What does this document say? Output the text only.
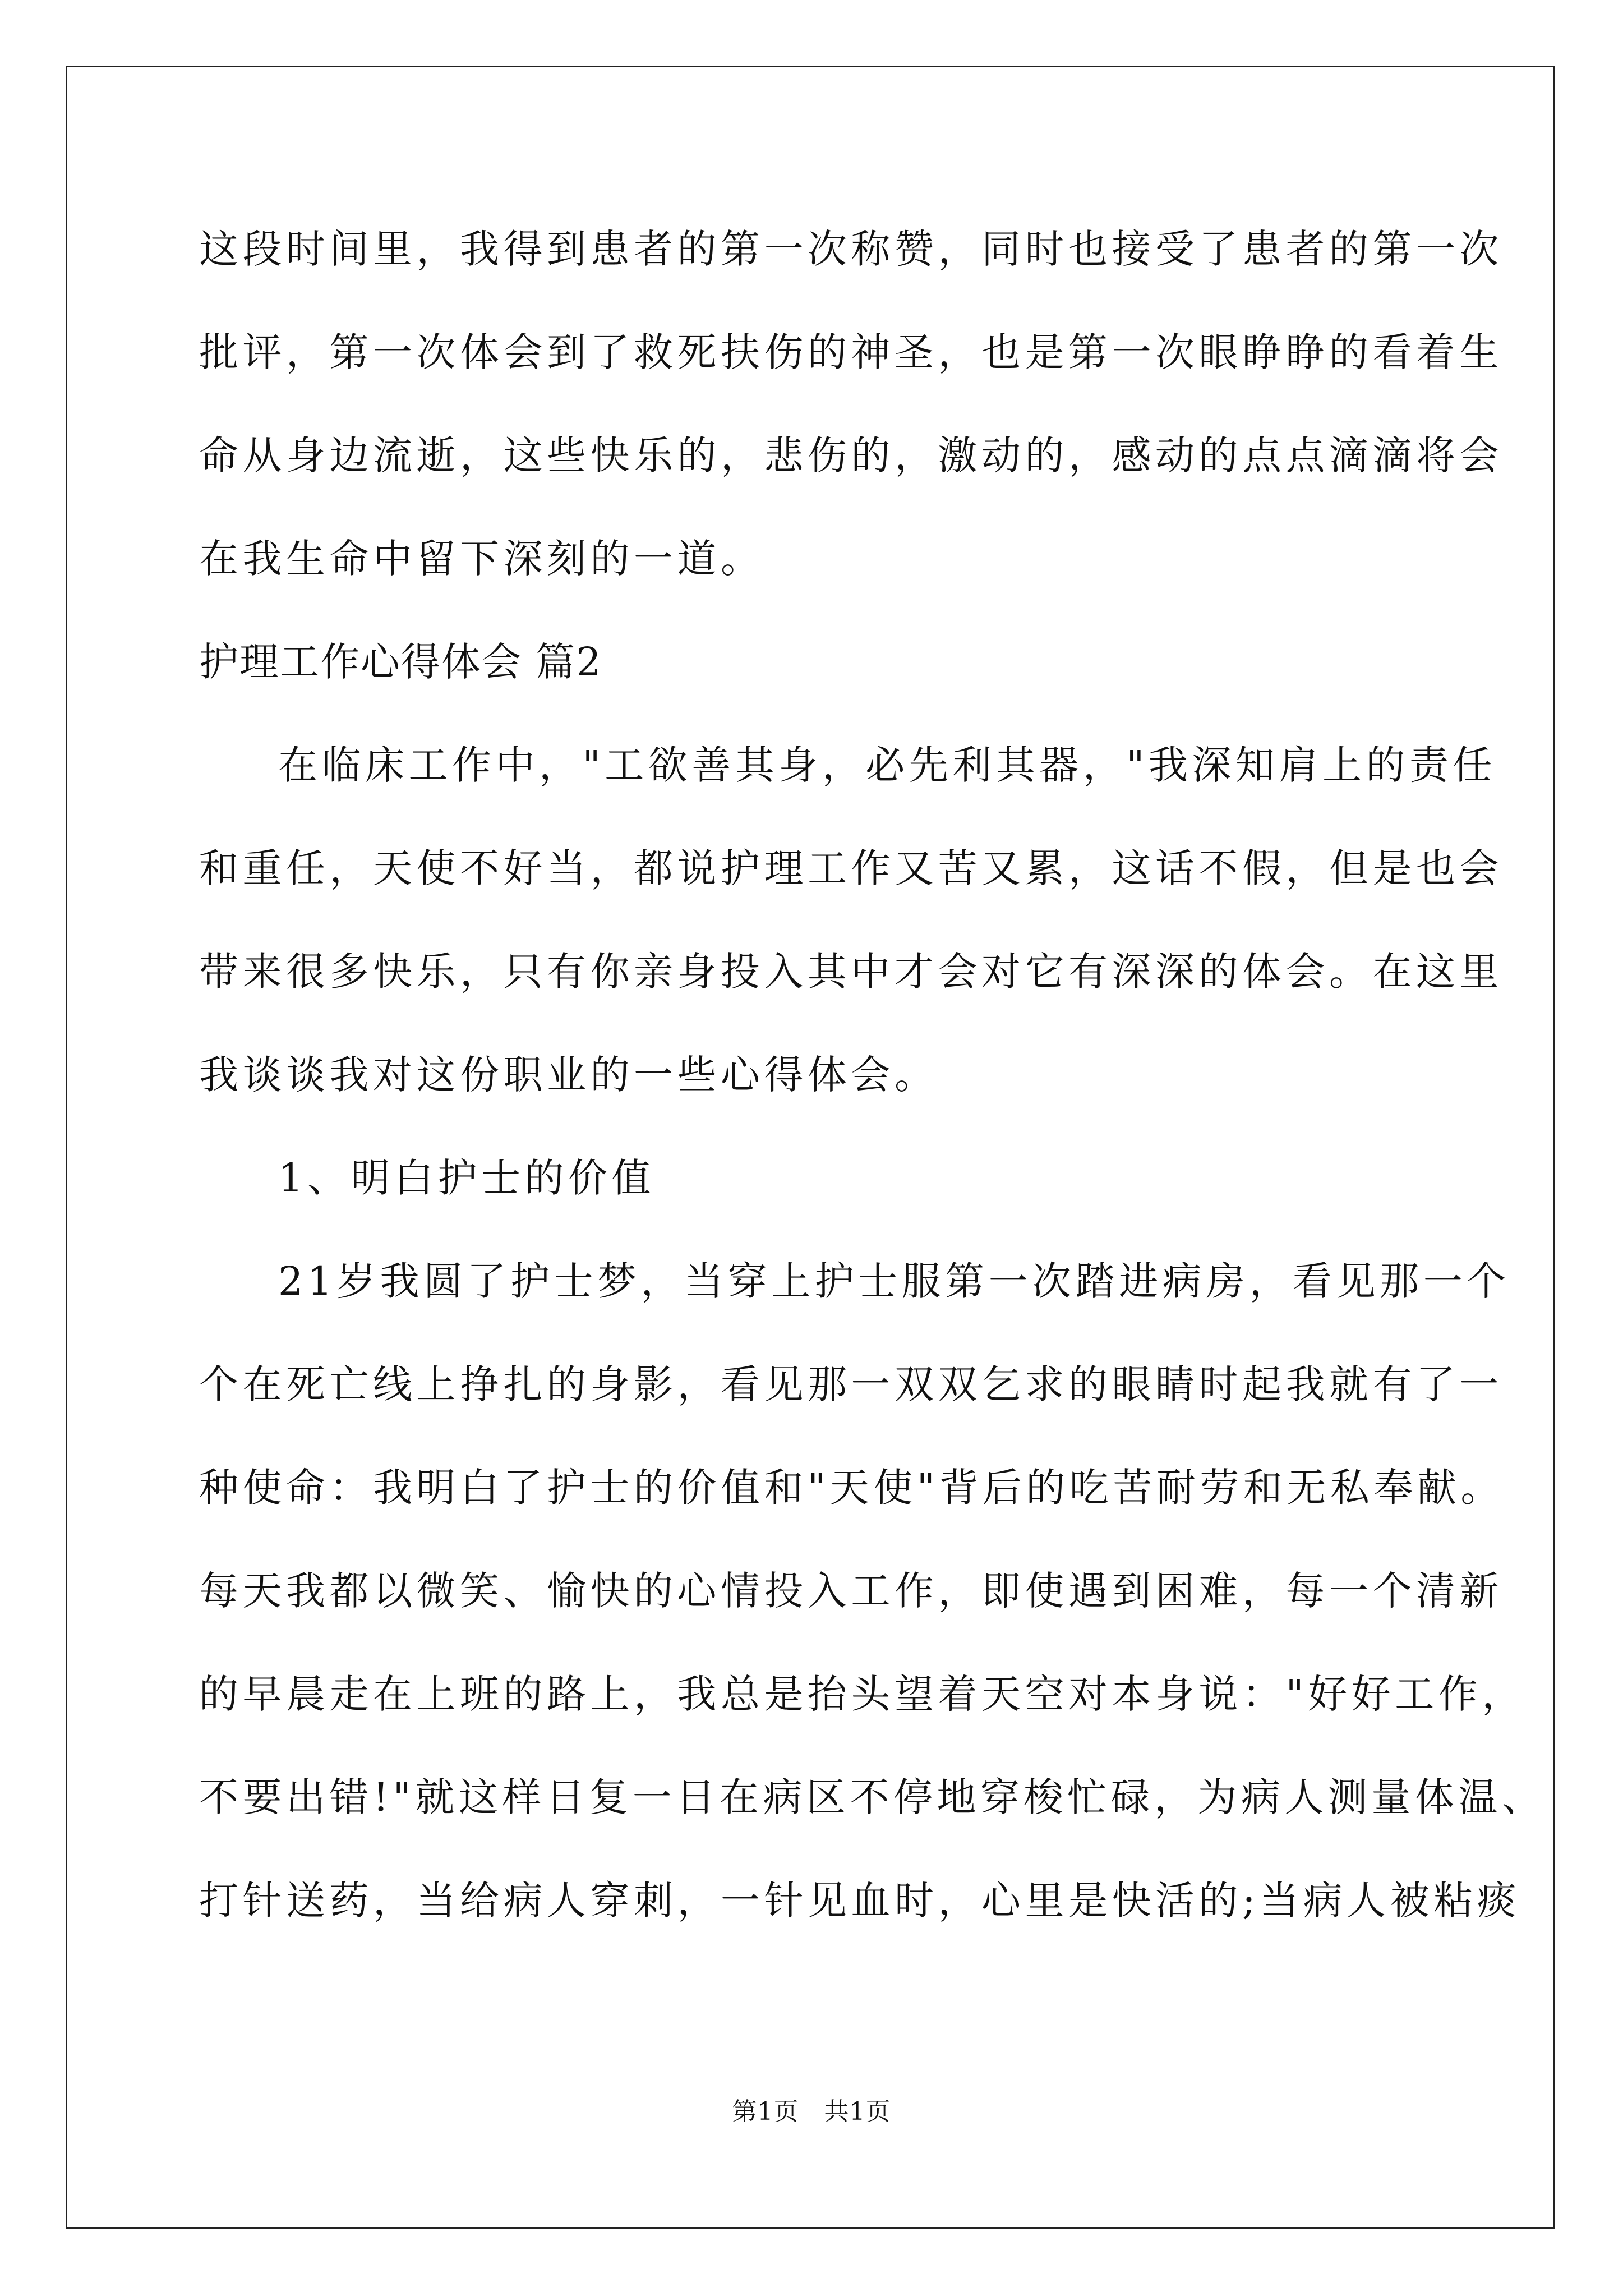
这段时间里，我得到患者的第一次称赞，同时也接受了患者的第一次
批评，第一次体会到了救死扶伤的神圣，也是第一次眼睁睁的看着生
命从身边流逝，这些快乐的，悲伤的，激动的，感动的点点滴滴将会
在我生命中留下深刻的一道。
护理工作心得体会 篇2
在临床工作中，"工欲善其身，必先利其器，"我深知肩上的责任
和重任，天使不好当，都说护理工作又苦又累，这话不假，但是也会
带来很多快乐，只有你亲身投入其中才会对它有深深的体会。在这里
我谈谈我对这份职业的一些心得体会。
1、明白护士的价值
21岁我圆了护士梦，当穿上护士服第一次踏进病房，看见那一个
个在死亡线上挣扎的身影，看见那一双双乞求的眼睛时起我就有了一
种使命：我明白了护士的价值和"天使"背后的吃苦耐劳和无私奉献。
每天我都以微笑、愉快的心情投入工作，即使遇到困难，每一个清新
的早晨走在上班的路上，我总是抬头望着天空对本身说："好好工作，
不要出错!"就这样日复一日在病区不停地穿梭忙碌，为病人测量体温、
打针送药，当给病人穿刺，一针见血时，心里是快活的;当病人被粘痰
第1页   共1页
